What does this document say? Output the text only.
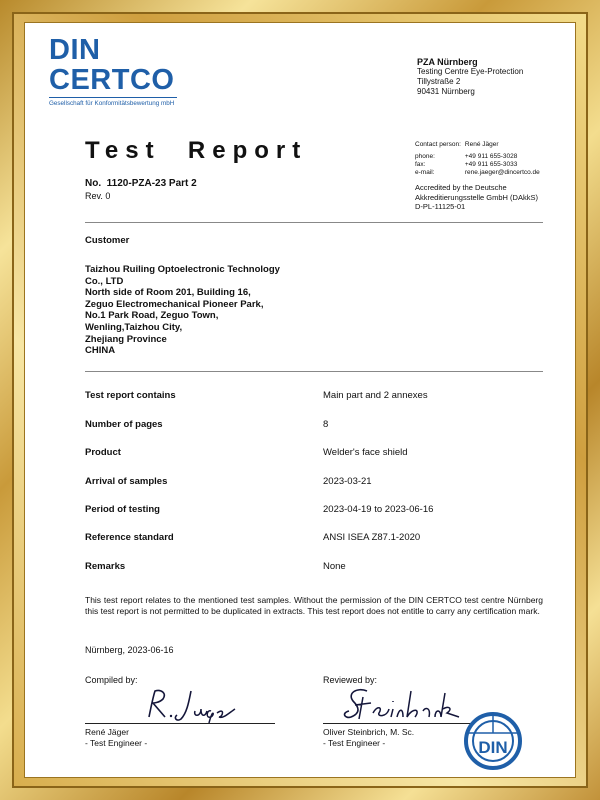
DINCERTCO
Gesellschaft für Konformitätsbewertung mbH
PZA Nürnberg
Testing Centre Eye-Protection
Tillystraße 2
90431 Nürnberg
Test  Report	Contact person:	René Jäger

phone:	+49 911 655-3028
fax:	+49 911 655-3033
e-mail:	rene.jaeger@dincertco.de
Accredited by the Deutsche
Akkreditierungsstelle GmbH (DAkkS)
D-PL-11125-01
No.  1120-PZA-23 Part 2
Rev. 0
Customer
Taizhou Ruiling Optoelectronic Technology
Co., LTD
North side of Room 201, Building 16,
Zeguo Electromechanical Pioneer Park,
No.1 Park Road, Zeguo Town,
Wenling,Taizhou City,
Zhejiang Province
CHINA
Test report contains	Main part and 2 annexes
Number of pages	8
Product	Welder's face shield
Arrival of samples	2023-03-21
Period of testing	2023-04-19 to 2023-06-16
Reference standard	ANSI ISEA Z87.1-2020
Remarks	None
This test report relates to the mentioned test samples. Without the permission of the DIN CERTCO test centre Nürnberg this test report is not permitted to be duplicated in extracts. This test report does not entitle to carry any certification mark.
Nürnberg, 2023-06-16
Compiled by:
René Jäger
- Test Engineer -
Reviewed by:
Oliver Steinbrich, M. Sc.
- Test Engineer -	DIN
